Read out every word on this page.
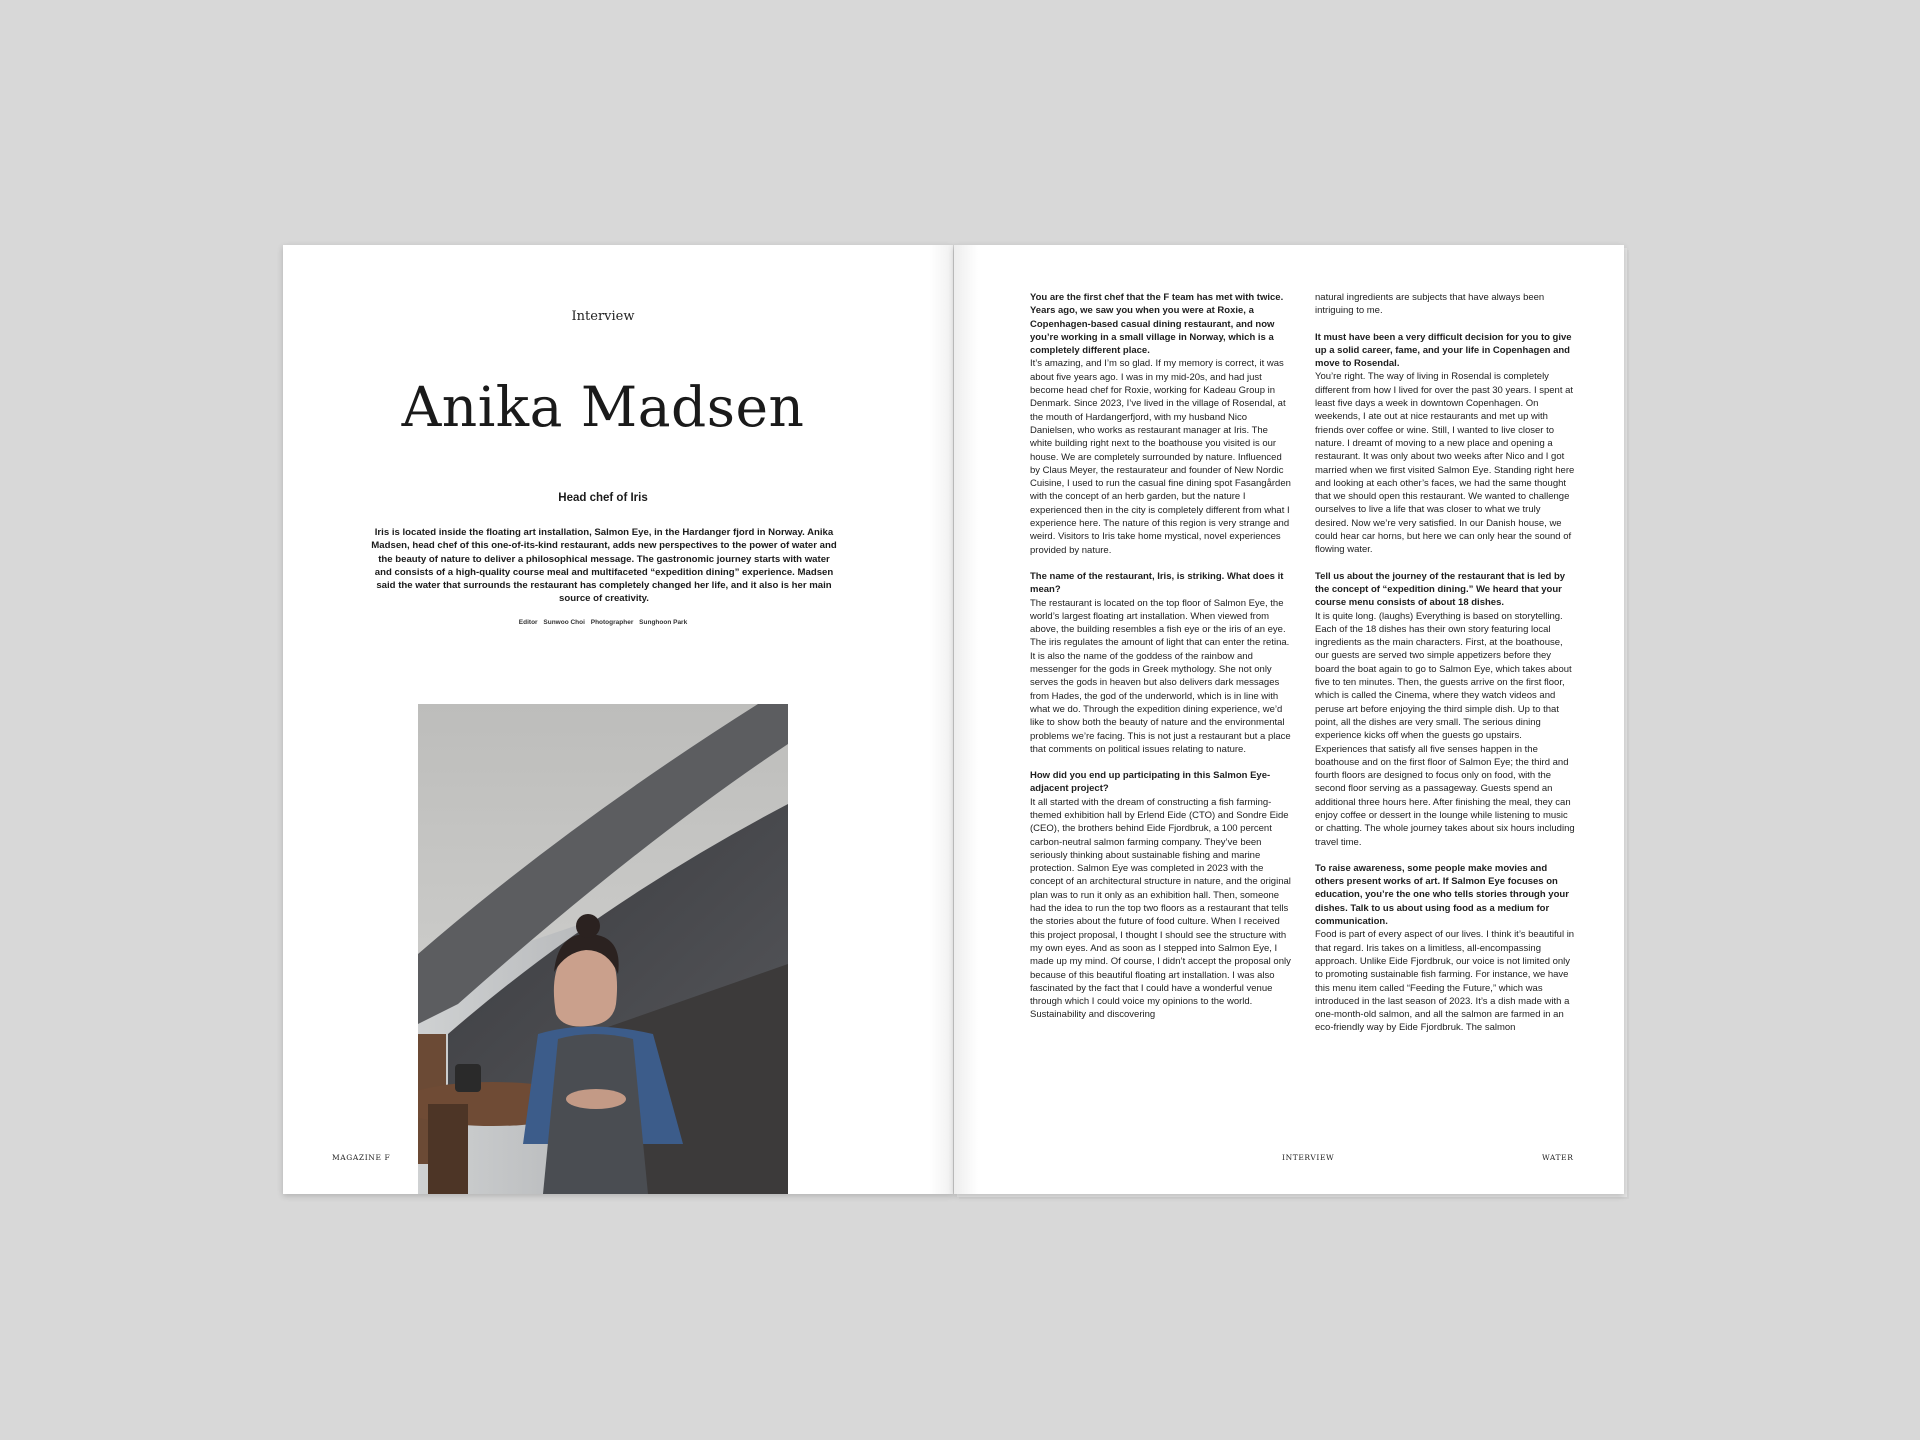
Interview
Anika Madsen
Head chef of Iris

Iris is located inside the floating art installation, Salmon Eye, in the Hardanger fjord in Norway. Anika Madsen, head chef of this one-of-its-kind restaurant, adds new perspectives to the power of water and the beauty of nature to deliver a philosophical message. The gastronomic journey starts with water and consists of a high-quality course meal and multifaceted “expedition dining” experience. Madsen said the water that surrounds the restaurant has completely changed her life, and it also is her main source of creativity.

Editor Sunwoo Choi Photographer Sunghoon Park
MAGAZINE F
You are the first chef that the F team has met with twice. Years ago, we saw you when you were at Roxie, a Copenhagen-based casual dining restaurant, and now you’re working in a small village in Norway, which is a completely different place.
It’s amazing, and I’m so glad. If my memory is correct, it was about five years ago. I was in my mid-20s, and had just become head chef for Roxie, working for Kadeau Group in Denmark. Since 2023, I’ve lived in the village of Rosendal, at the mouth of Hardangerfjord, with my husband Nico Danielsen, who works as restaurant manager at Iris. The white building right next to the boathouse you visited is our house. We are completely surrounded by nature. Influenced by Claus Meyer, the restaurateur and founder of New Nordic Cuisine, I used to run the casual fine dining spot Fasangården with the concept of an herb garden, but the nature I experienced then in the city is completely different from what I experience here. The nature of this region is very strange and weird. Visitors to Iris take home mystical, novel experiences provided by nature.
The name of the restaurant, Iris, is striking. What does it mean?
The restaurant is located on the top floor of Salmon Eye, the world’s largest floating art installation. When viewed from above, the building resembles a fish eye or the iris of an eye. The iris regulates the amount of light that can enter the retina. It is also the name of the goddess of the rainbow and messenger for the gods in Greek mythology. She not only serves the gods in heaven but also delivers dark messages from Hades, the god of the underworld, which is in line with what we do. Through the expedition dining experience, we’d like to show both the beauty of nature and the environmental problems we’re facing. This is not just a restaurant but a place that comments on political issues relating to nature.
How did you end up participating in this Salmon Eye-adjacent project?
It all started with the dream of constructing a fish farming-themed exhibition hall by Erlend Eide (CTO) and Sondre Eide (CEO), the brothers behind Eide Fjordbruk, a 100 percent carbon-neutral salmon farming company. They’ve been seriously thinking about sustainable fishing and marine protection. Salmon Eye was completed in 2023 with the concept of an architectural structure in nature, and the original plan was to run it only as an exhibition hall. Then, someone had the idea to run the top two floors as a restaurant that tells the stories about the future of food culture. When I received this project proposal, I thought I should see the structure with my own eyes. And as soon as I stepped into Salmon Eye, I made up my mind. Of course, I didn’t accept the proposal only because of this beautiful floating art installation. I was also fascinated by the fact that I could have a wonderful venue through which I could voice my opinions to the world. Sustainability and discovering
natural ingredients are subjects that have always been intriguing to me.
It must have been a very difficult decision for you to give up a solid career, fame, and your life in Copenhagen and move to Rosendal.
You’re right. The way of living in Rosendal is completely different from how I lived for over the past 30 years. I spent at least five days a week in downtown Copenhagen. On weekends, I ate out at nice restaurants and met up with friends over coffee or wine. Still, I wanted to live closer to nature. I dreamt of moving to a new place and opening a restaurant. It was only about two weeks after Nico and I got married when we first visited Salmon Eye. Standing right here and looking at each other’s faces, we had the same thought that we should open this restaurant. We wanted to challenge ourselves to live a life that was closer to what we truly desired. Now we’re very satisfied. In our Danish house, we could hear car horns, but here we can only hear the sound of flowing water.
Tell us about the journey of the restaurant that is led by the concept of “expedition dining.” We heard that your course menu consists of about 18 dishes.
It is quite long. (laughs) Everything is based on storytelling. Each of the 18 dishes has their own story featuring local ingredients as the main characters. First, at the boathouse, our guests are served two simple appetizers before they board the boat again to go to Salmon Eye, which takes about five to ten minutes. Then, the guests arrive on the first floor, which is called the Cinema, where they watch videos and peruse art before enjoying the third simple dish. Up to that point, all the dishes are very small. The serious dining experience kicks off when the guests go upstairs. Experiences that satisfy all five senses happen in the boathouse and on the first floor of Salmon Eye; the third and fourth floors are designed to focus only on food, with the second floor serving as a passageway. Guests spend an additional three hours here. After finishing the meal, they can enjoy coffee or dessert in the lounge while listening to music or chatting. The whole journey takes about six hours including travel time.
To raise awareness, some people make movies and others present works of art. If Salmon Eye focuses on education, you’re the one who tells stories through your dishes. Talk to us about using food as a medium for communication.
Food is part of every aspect of our lives. I think it’s beautiful in that regard. Iris takes on a limitless, all-encompassing approach. Unlike Eide Fjordbruk, our voice is not limited only to promoting sustainable fish farming. For instance, we have this menu item called “Feeding the Future,” which was introduced in the last season of 2023. It’s a dish made with a one-month-old salmon, and all the salmon are farmed in an eco-friendly way by Eide Fjordbruk. The salmon
INTERVIEW	WATER
